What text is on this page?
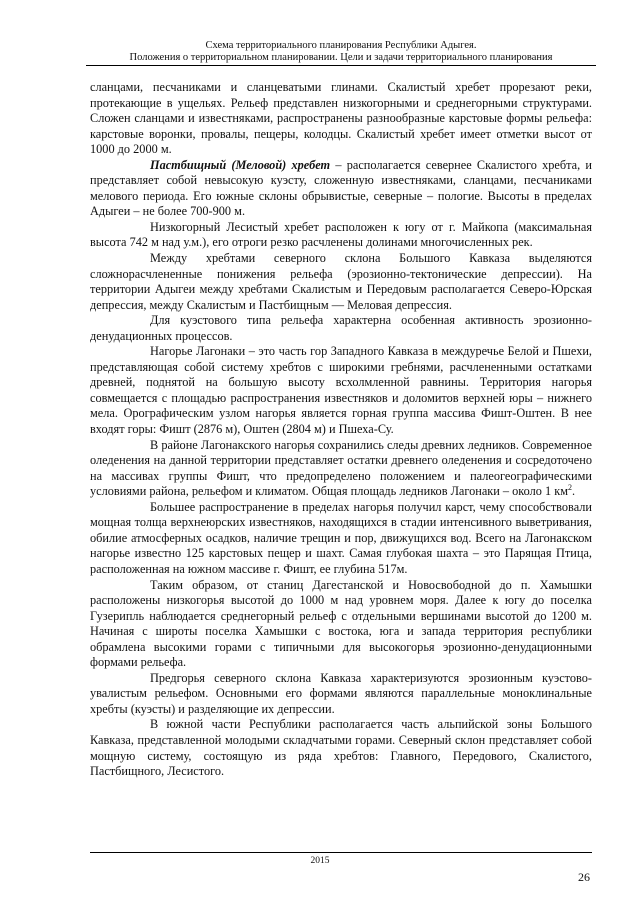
Схема территориального планирования Республики Адыгея.
Положения о территориальном планировании. Цели и задачи территориального планирования

сланцами, песчаниками и сланцеватыми глинами. Скалистый хребет прорезают реки, протекающие в ущельях. Рельеф представлен низкогорными и среднегорными структурами. Сложен сланцами и известняками, распространены разнообразные карстовые формы рельефа: карстовые воронки, провалы, пещеры, колодцы. Скалистый хребет имеет отметки высот от 1000 до 2000 м.

Пастбищный (Меловой) хребет – располагается севернее Скалистого хребта, и представляет собой невысокую куэсту, сложенную известняками, сланцами, песчаниками мелового периода. Его южные склоны обрывистые, северные – пологие. Высоты в пределах Адыгеи – не более 700-900 м.

Низкогорный Лесистый хребет расположен к югу от г. Майкопа (максимальная высота 742 м над у.м.), его отроги резко расчленены долинами многочисленных рек.

Между хребтами северного склона Большого Кавказа выделяются сложнорасчлененные понижения рельефа (эрозионно-тектонические депрессии). На территории Адыгеи между хребтами Скалистым и Передовым располагается Северо-Юрская депрессия, между Скалистым и Пастбищным — Меловая депрессия.

Для куэстового типа рельефа характерна особенная активность эрозионно-денудационных процессов.

Нагорье Лагонаки – это часть гор Западного Кавказа в междуречье Белой и Пшехи, представляющая собой систему хребтов с широкими гребнями, расчлененными остатками древней, поднятой на большую высоту всхолмленной равнины. Территория нагорья совмещается с площадью распространения известняков и доломитов верхней юры – нижнего мела. Орографическим узлом нагорья является горная группа массива Фишт-Оштен. В нее входят горы: Фишт (2876 м), Оштен (2804 м) и Пшеха-Су.

В районе Лагонакского нагорья сохранились следы древних ледников. Современное оледенения на данной территории представляет остатки древнего оледенения и сосредоточено на массивах группы Фишт, что предопределено положением и палеогеографическими условиями района, рельефом и климатом. Общая площадь ледников Лагонаки – около 1 $км^2$.

Большее распространение в пределах нагорья получил карст, чему способствовали мощная толща верхнеюрских известняков, находящихся в стадии интенсивного выветривания, обилие атмосферных осадков, наличие трещин и пор, движущихся вод. Всего на Лагонакском нагорье известно 125 карстовых пещер и шахт. Самая глубокая шахта – это Парящая Птица, расположенная на южном массиве г. Фишт, ее глубина 517м.

Таким образом, от станиц Дагестанской и Новосвободной до п. Хамышки расположены низкогорья высотой до 1000 м над уровнем моря. Далее к югу до поселка Гузерипль наблюдается среднегорный рельеф с отдельными вершинами высотой до 1200 м. Начиная с широты поселка Хамышки с востока, юга и запада территория республики обрамлена высокими горами с типичными для высокогорья эрозионно-денудационными формами рельефа.

Предгорья северного склона Кавказа характеризуются эрозионным куэстово-увалистым рельефом. Основными его формами являются параллельные моноклинальные хребты (куэсты) и разделяющие их депрессии.

В южной части Республики располагается часть альпийской зоны Большого Кавказа, представленной молодыми складчатыми горами. Северный склон представляет собой мощную систему, состоящую из ряда хребтов: Главного, Передового, Скалистого, Пастбищного, Лесистого.

2015
26
